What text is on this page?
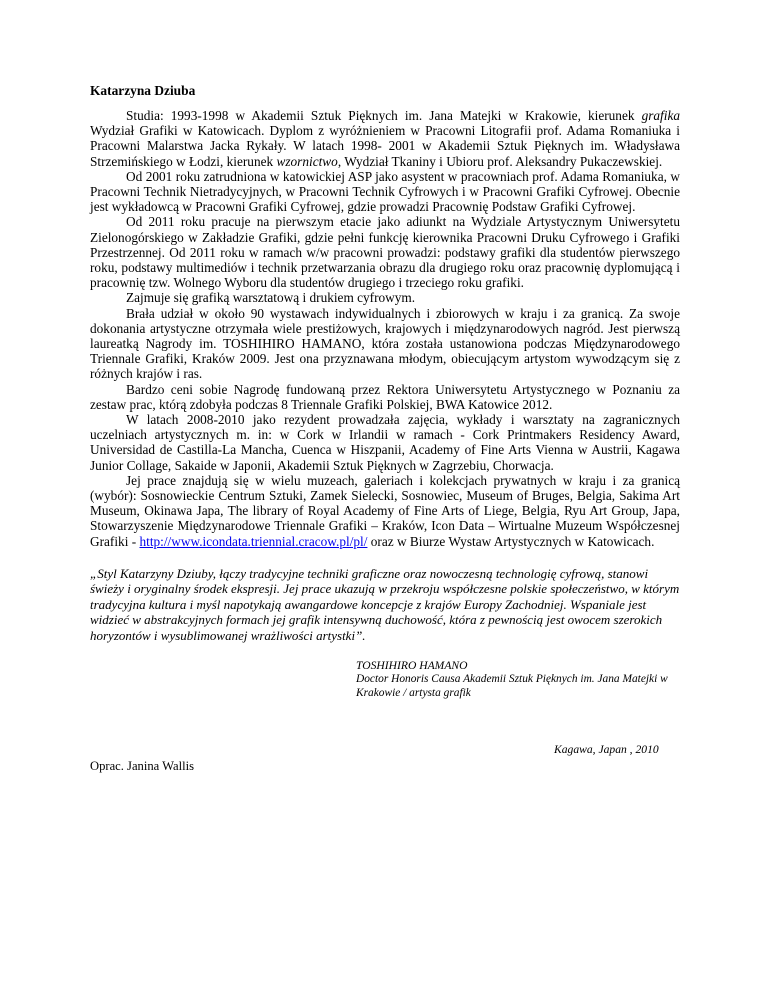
Katarzyna Dziuba

Studia: 1993-1998 w Akademii Sztuk Pięknych im. Jana Matejki w Krakowie, kierunek grafika Wydział Grafiki w Katowicach. Dyplom z wyróżnieniem w Pracowni Litografii prof. Adama Romaniuka i Pracowni Malarstwa Jacka Rykały. W latach 1998- 2001 w Akademii Sztuk Pięknych im. Władysława Strzemińskiego w Łodzi, kierunek wzornictwo, Wydział Tkaniny i Ubioru prof. Aleksandry Pukaczewskiej.

Od 2001 roku zatrudniona w katowickiej ASP jako asystent w pracowniach prof. Adama Romaniuka, w Pracowni Technik Nietradycyjnych, w Pracowni Technik Cyfrowych i w Pracowni Grafiki Cyfrowej. Obecnie jest wykładowcą w Pracowni Grafiki Cyfrowej, gdzie prowadzi Pracownię Podstaw Grafiki Cyfrowej.

Od 2011 roku pracuje na pierwszym etacie jako adiunkt na Wydziale Artystycznym Uniwersytetu Zielonogórskiego w Zakładzie Grafiki, gdzie pełni funkcję kierownika Pracowni Druku Cyfrowego i Grafiki Przestrzennej. Od 2011 roku w ramach w/w pracowni prowadzi: podstawy grafiki dla studentów pierwszego roku, podstawy multimediów i technik przetwarzania obrazu dla drugiego roku oraz pracownię dyplomującą i pracownię tzw. Wolnego Wyboru dla studentów drugiego i trzeciego roku grafiki.

Zajmuje się grafiką warsztatową i drukiem cyfrowym.

Brała udział w około 90 wystawach indywidualnych i zbiorowych w kraju i za granicą. Za swoje dokonania artystyczne otrzymała wiele prestiżowych, krajowych i międzynarodowych nagród. Jest pierwszą laureatką Nagrody im. TOSHIHIRO HAMANO, która została ustanowiona podczas Międzynarodowego Triennale Grafiki, Kraków 2009. Jest ona przyznawana młodym, obiecującym artystom wywodzącym się z różnych krajów i ras.

Bardzo ceni sobie Nagrodę fundowaną przez Rektora Uniwersytetu Artystycznego w Poznaniu za zestaw prac, którą zdobyła podczas 8 Triennale Grafiki Polskiej, BWA Katowice 2012.

W latach 2008-2010 jako rezydent prowadzała zajęcia, wykłady i warsztaty na zagranicznych uczelniach artystycznych m. in: w Cork w Irlandii w ramach - Cork Printmakers Residency Award, Universidad de Castilla-La Mancha, Cuenca w Hiszpanii, Academy of Fine Arts Vienna w Austrii, Kagawa Junior Collage, Sakaide w Japonii, Akademii Sztuk Pięknych w Zagrzebiu, Chorwacja.

Jej prace znajdują się w wielu muzeach, galeriach i kolekcjach prywatnych w kraju i za granicą (wybór): Sosnowieckie Centrum Sztuki, Zamek Sielecki, Sosnowiec, Museum of Bruges, Belgia, Sakima Art Museum, Okinawa Japa, The library of Royal Academy of Fine Arts of Liege, Belgia, Ryu Art Group, Japa, Stowarzyszenie Międzynarodowe Triennale Grafiki – Kraków, Icon Data – Wirtualne Muzeum Współczesnej Grafiki - http://www.icondata.triennial.cracow.pl/pl/ oraz w Biurze Wystaw Artystycznych w Katowicach.

„Styl Katarzyny Dziuby, łączy tradycyjne techniki graficzne oraz nowoczesną technologię cyfrową, stanowi świeży i oryginalny środek ekspresji. Jej prace ukazują w przekroju współczesne polskie społeczeństwo, w którym tradycyjna kultura i myśl napotykają awangardowe koncepcje z krajów Europy Zachodniej. Wspaniale jest widzieć w abstrakcyjnych formach jej grafik intensywną duchowość, która z pewnością jest owocem szerokich horyzontów i wysublimowanej wrażliwości artystki”.

TOSHIHIRO HAMANO
Doctor Honoris Causa Akademii Sztuk Pięknych im. Jana Matejki w Krakowie / artysta grafik
Kagawa, Japan , 2010
Oprac. Janina Wallis
